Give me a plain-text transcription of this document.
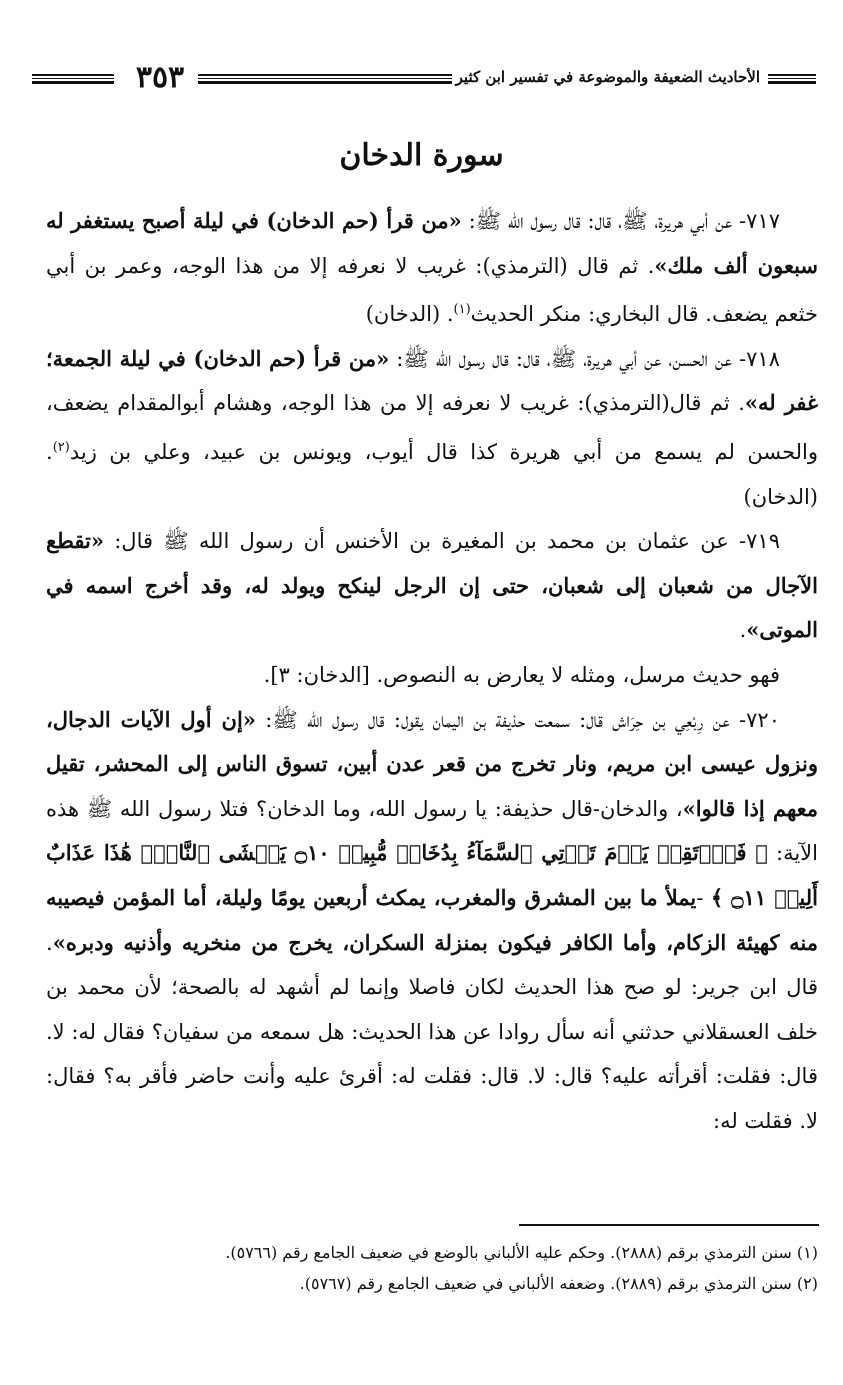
٣٥٣	الأحاديث الضعيفة والموضوعة في تفسير ابن كثير
سورة الدخان

٧١٧- عن أبي هريرة، ﷺ، قال: قال رسول الله ﷺ: «من قرأ (حم الدخان) في ليلة أصبح يستغفر له سبعون ألف ملك». ثم قال (الترمذي): غريب لا نعرفه إلا من هذا الوجه، وعمر بن أبي خثعم يضعف. قال البخاري: منكر الحديث$^{(١)}$. (الدخان)

٧١٨- عن الحسن، عن أبي هريرة، ﷺ، قال: قال رسول الله ﷺ: «من قرأ (حم الدخان) في ليلة الجمعة؛ غفر له». ثم قال(الترمذي): غريب لا نعرفه إلا من هذا الوجه، وهشام أبوالمقدام يضعف، والحسن لم يسمع من أبي هريرة كذا قال أيوب، ويونس بن عبيد، وعلي بن زيد$^{(٢)}$. (الدخان)

٧١٩- عن عثمان بن محمد بن المغيرة بن الأخنس أن رسول الله ﷺ قال: «تقطع الآجال من شعبان إلى شعبان، حتى إن الرجل لينكح ويولد له، وقد أخرج اسمه في الموتى».

فهو حديث مرسل، ومثله لا يعارض به النصوص. [الدخان: ٣].

٧٢٠- عن رِبْعِي بن حِرَاش قال: سمعت حذيفة بن اليمان يقول: قال رسول الله ﷺ: «إن أول الآيات الدجال، ونزول عيسى ابن مريم، ونار تخرج من قعر عدن أبين، تسوق الناس إلى المحشر، تقيل معهم إذا قالوا»، والدخان-قال حذيفة: يا رسول الله، وما الدخان؟ فتلا رسول الله ﷺ هذه الآية: ﴿ فَٱرۡتَقِبۡ يَوۡمَ تَأۡتِي ٱلسَّمَآءُ بِدُخَانٖ مُّبِينٖ ۝١٠ يَغۡشَى ٱلنَّاسَۖ هَٰذَا عَذَابٌ أَلِيمٞ ۝١١ ﴾ -يملأ ما بين المشرق والمغرب، يمكث أربعين يومًا وليلة، أما المؤمن فيصيبه منه كهيئة الزكام، وأما الكافر فيكون بمنزلة السكران، يخرج من منخريه وأذنيه ودبره». قال ابن جرير: لو صح هذا الحديث لكان فاصلا وإنما لم أشهد له بالصحة؛ لأن محمد بن خلف العسقلاني حدثني أنه سأل روادا عن هذا الحديث: هل سمعه من سفيان؟ فقال له: لا. قال: فقلت: أقرأته عليه؟ قال: لا. قال: فقلت له: أقرئ عليه وأنت حاضر فأقر به؟ فقال: لا. فقلت له:

(١) سنن الترمذي برقم (٢٨٨٨). وحكم عليه الألباني بالوضع في ضعيف الجامع رقم (٥٧٦٦).

(٢) سنن الترمذي برقم (٢٨٨٩). وضعفه الألباني في ضعيف الجامع رقم (٥٧٦٧).
